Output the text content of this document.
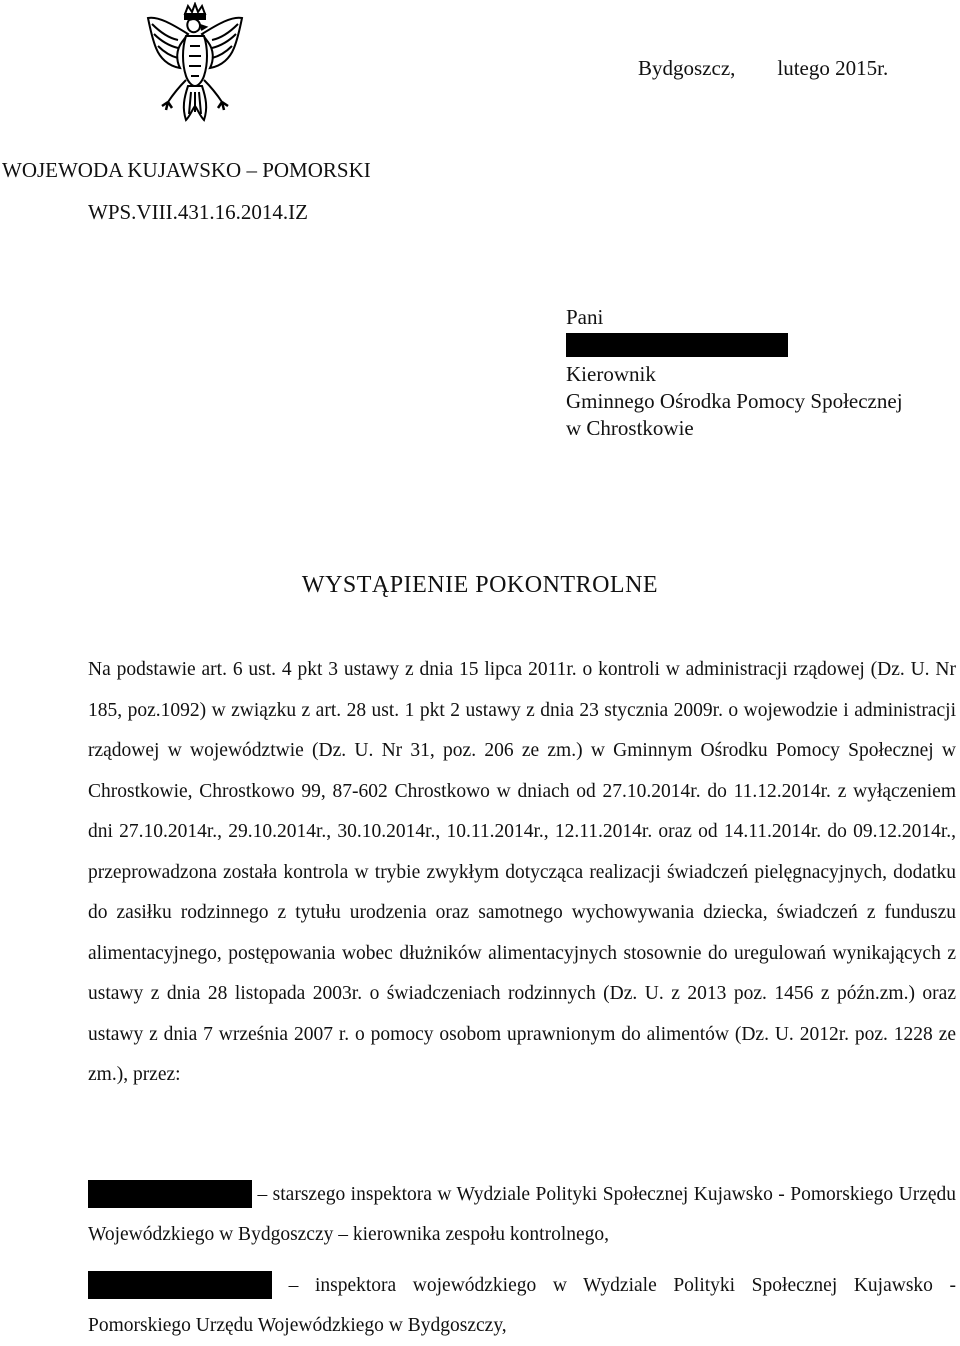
Bydgoszcz,        lutego 2015r.
WOJEWODA KUJAWSKO – POMORSKI
WPS.VIII.431.16.2014.IZ
Pani
Kierownik
Gminnego Ośrodka Pomocy Społecznej
w Chrostkowie
WYSTĄPIENIE POKONTROLNE

Na podstawie art. 6 ust. 4 pkt 3 ustawy z dnia 15 lipca 2011r. o kontroli w administracji rządowej (Dz. U. Nr 185, poz.1092) w związku z art. 28 ust. 1 pkt 2 ustawy z dnia 23 stycznia 2009r. o wojewodzie i administracji rządowej w województwie (Dz. U. Nr 31, poz. 206 ze zm.) w Gminnym Ośrodku Pomocy Społecznej w Chrostkowie, Chrostkowo 99, 87-602 Chrostkowo w dniach od 27.10.2014r. do 11.12.2014r. z wyłączeniem dni 27.10.2014r., 29.10.2014r., 30.10.2014r., 10.11.2014r., 12.11.2014r. oraz od 14.11.2014r. do 09.12.2014r., przeprowadzona została kontrola w trybie zwykłym dotycząca realizacji świadczeń pielęgnacyjnych, dodatku do zasiłku rodzinnego z tytułu urodzenia oraz samotnego wychowywania dziecka, świadczeń z funduszu alimentacyjnego, postępowania wobec dłużników alimentacyjnych stosownie do uregulowań wynikających z ustawy z dnia 28 listopada 2003r. o świadczeniach rodzinnych (Dz. U. z 2013 poz. 1456 z późn.zm.) oraz ustawy z dnia 7 września 2007 r. o pomocy osobom uprawnionym do alimentów (Dz. U. 2012r. poz. 1228 ze zm.), przez:

– starszego inspektora w Wydziale Polityki Społecznej Kujawsko - Pomorskiego Urzędu Wojewódzkiego w Bydgoszczy – kierownika zespołu kontrolnego,
– inspektora wojewódzkiego w Wydziale Polityki Społecznej Kujawsko - Pomorskiego Urzędu Wojewódzkiego w Bydgoszczy,
